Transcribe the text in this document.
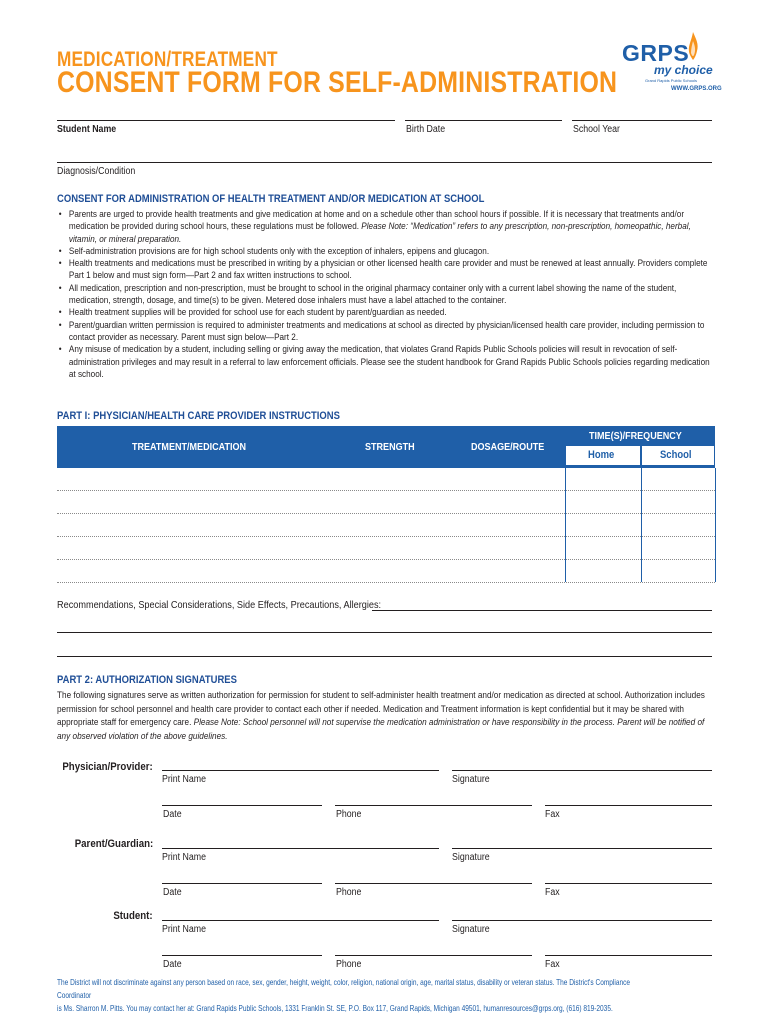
MEDICATION/TREATMENT
CONSENT FORM FOR SELF-ADMINISTRATION
GRPS
my choice
Grand Rapids Public Schools
WWW.GRPS.ORG
Student Name	Birth Date	School Year
Diagnosis/Condition
CONSENT FOR ADMINISTRATION OF HEALTH TREATMENT AND/OR MEDICATION AT SCHOOL
• Parents are urged to provide health treatments and give medication at home and on a schedule other than school hours if possible. If it is necessary that treatments and/or medication be provided during school hours, these regulations must be followed. Please Note: “Medication” refers to any prescription, non-prescription, homeopathic, herbal, vitamin, or mineral preparation.
• Self-administration provisions are for high school students only with the exception of inhalers, epipens and glucagon.
• Health treatments and medications must be prescribed in writing by a physician or other licensed health care provider and must be renewed at least annually. Providers complete Part 1 below and must sign form—Part 2 and fax written instructions to school.
• All medication, prescription and non-prescription, must be brought to school in the original pharmacy container only with a current label showing the name of the student, medication, strength, dosage, and time(s) to be given. Metered dose inhalers must have a label attached to the container.
• Health treatment supplies will be provided for school use for each student by parent/guardian as needed.
• Parent/guardian written permission is required to administer treatments and medications at school as directed by physician/licensed health care provider, including permission to contact provider as necessary. Parent must sign below—Part 2.
• Any misuse of medication by a student, including selling or giving away the medication, that violates Grand Rapids Public Schools policies will result in revocation of self-administration privileges and may result in a referral to law enforcement officials. Please see the student handbook for Grand Rapids Public Schools policies regarding medication at school.
PART I: PHYSICIAN/HEALTH CARE PROVIDER INSTRUCTIONS
TREATMENT/MEDICATION	STRENGTH	DOSAGE/ROUTE
TIME(S)/FREQUENCY
Home	School
Recommendations, Special Considerations, Side Effects, Precautions, Allergies:
PART 2: AUTHORIZATION SIGNATURES
The following signatures serve as written authorization for permission for student to self-administer health treatment and/or medication as directed at school. Authorization includes permission for school personnel and health care provider to contact each other if needed. Medication and Treatment information is kept confidential but it may be shared with appropriate staff for emergency care. Please Note: School personnel will not supervise the medication administration or have responsibility in the process. Parent will be notified of any observed violation of the above guidelines.
Physician/Provider:
Print Name	Signature
Date	Phone	Fax
Parent/Guardian:
Print Name	Signature
Date	Phone	Fax
Student:
Print Name	Signature
Date	Phone	Fax
The District will not discriminate against any person based on race, sex, gender, height, weight, color, religion, national origin, age, marital status, disability or veteran status. The District's Compliance Coordinator
is Ms. Sharron M. Pitts. You may contact her at: Grand Rapids Public Schools, 1331 Franklin St. SE, P.O. Box 117, Grand Rapids, Michigan 49501, humanresources@grps.org, (616) 819-2035.
